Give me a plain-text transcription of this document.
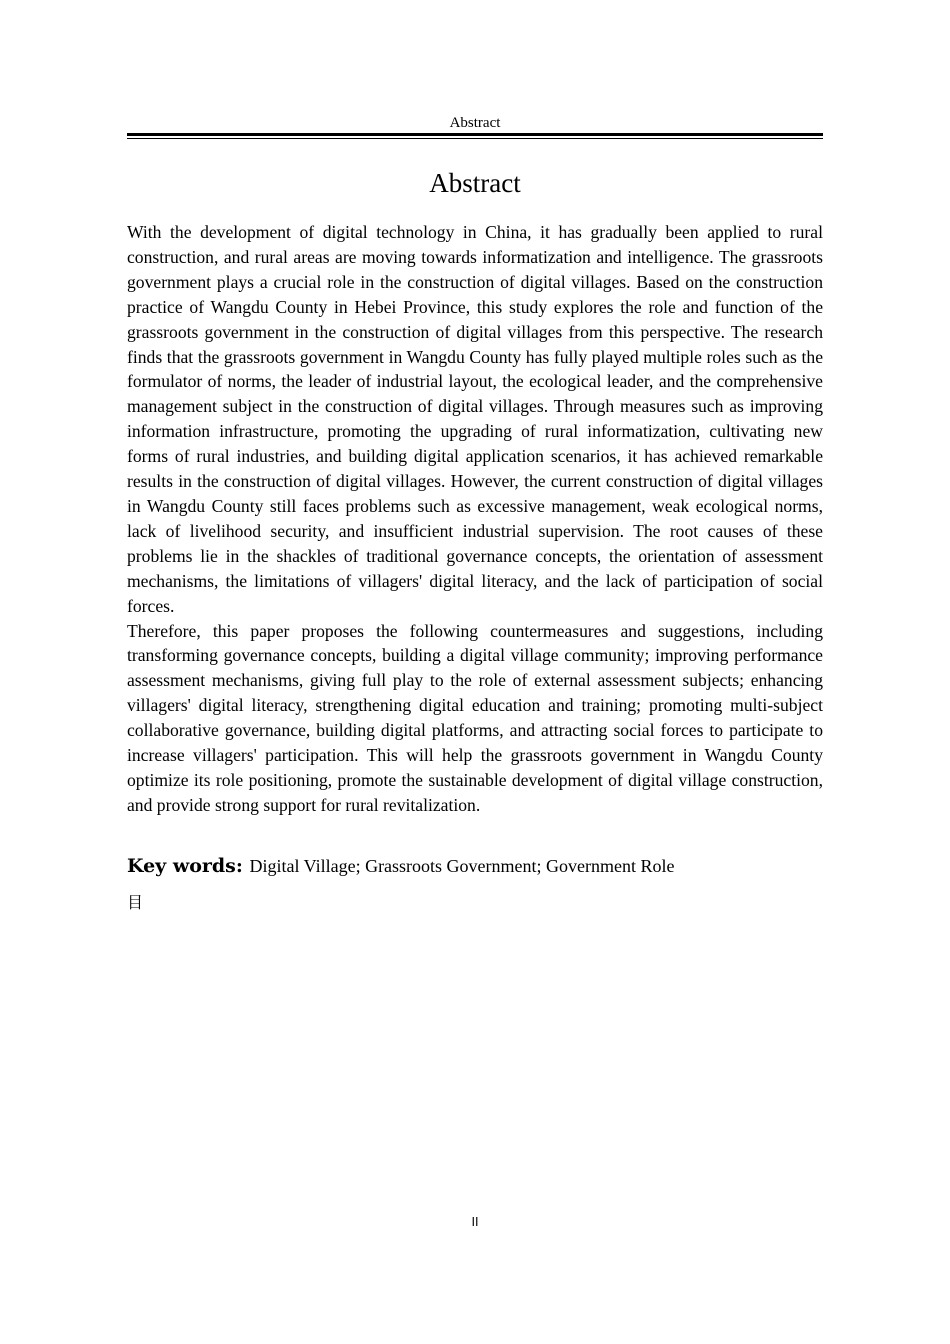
Abstract
Abstract

With the development of digital technology in China, it has gradually been applied to rural construction, and rural areas are moving towards informatization and intelligence. The grassroots government plays a crucial role in the construction of digital villages. Based on the construction practice of Wangdu County in Hebei Province, this study explores the role and function of the grassroots government in the construction of digital villages from this perspective. The research finds that the grassroots government in Wangdu County has fully played multiple roles such as the formulator of norms, the leader of industrial layout, the ecological leader, and the comprehensive management subject in the construction of digital villages. Through measures such as improving information infrastructure, promoting the upgrading of rural informatization, cultivating new forms of rural industries, and building digital application scenarios, it has achieved remarkable results in the construction of digital villages. However, the current construction of digital villages in Wangdu County still faces problems such as excessive management, weak ecological norms, lack of livelihood security, and insufficient industrial supervision. The root causes of these problems lie in the shackles of traditional governance concepts, the orientation of assessment mechanisms, the limitations of villagers' digital literacy, and the lack of participation of social forces.

Therefore, this paper proposes the following countermeasures and suggestions, including transforming governance concepts, building a digital village community; improving performance assessment mechanisms, giving full play to the role of external assessment subjects; enhancing villagers' digital literacy, strengthening digital education and training; promoting multi-subject collaborative governance, building digital platforms, and attracting social forces to participate to increase villagers' participation. This will help the grassroots government in Wangdu County optimize its role positioning, promote the sustainable development of digital village construction, and provide strong support for rural revitalization.

Key words: Digital Village; Grassroots Government; Government Role
目
II
